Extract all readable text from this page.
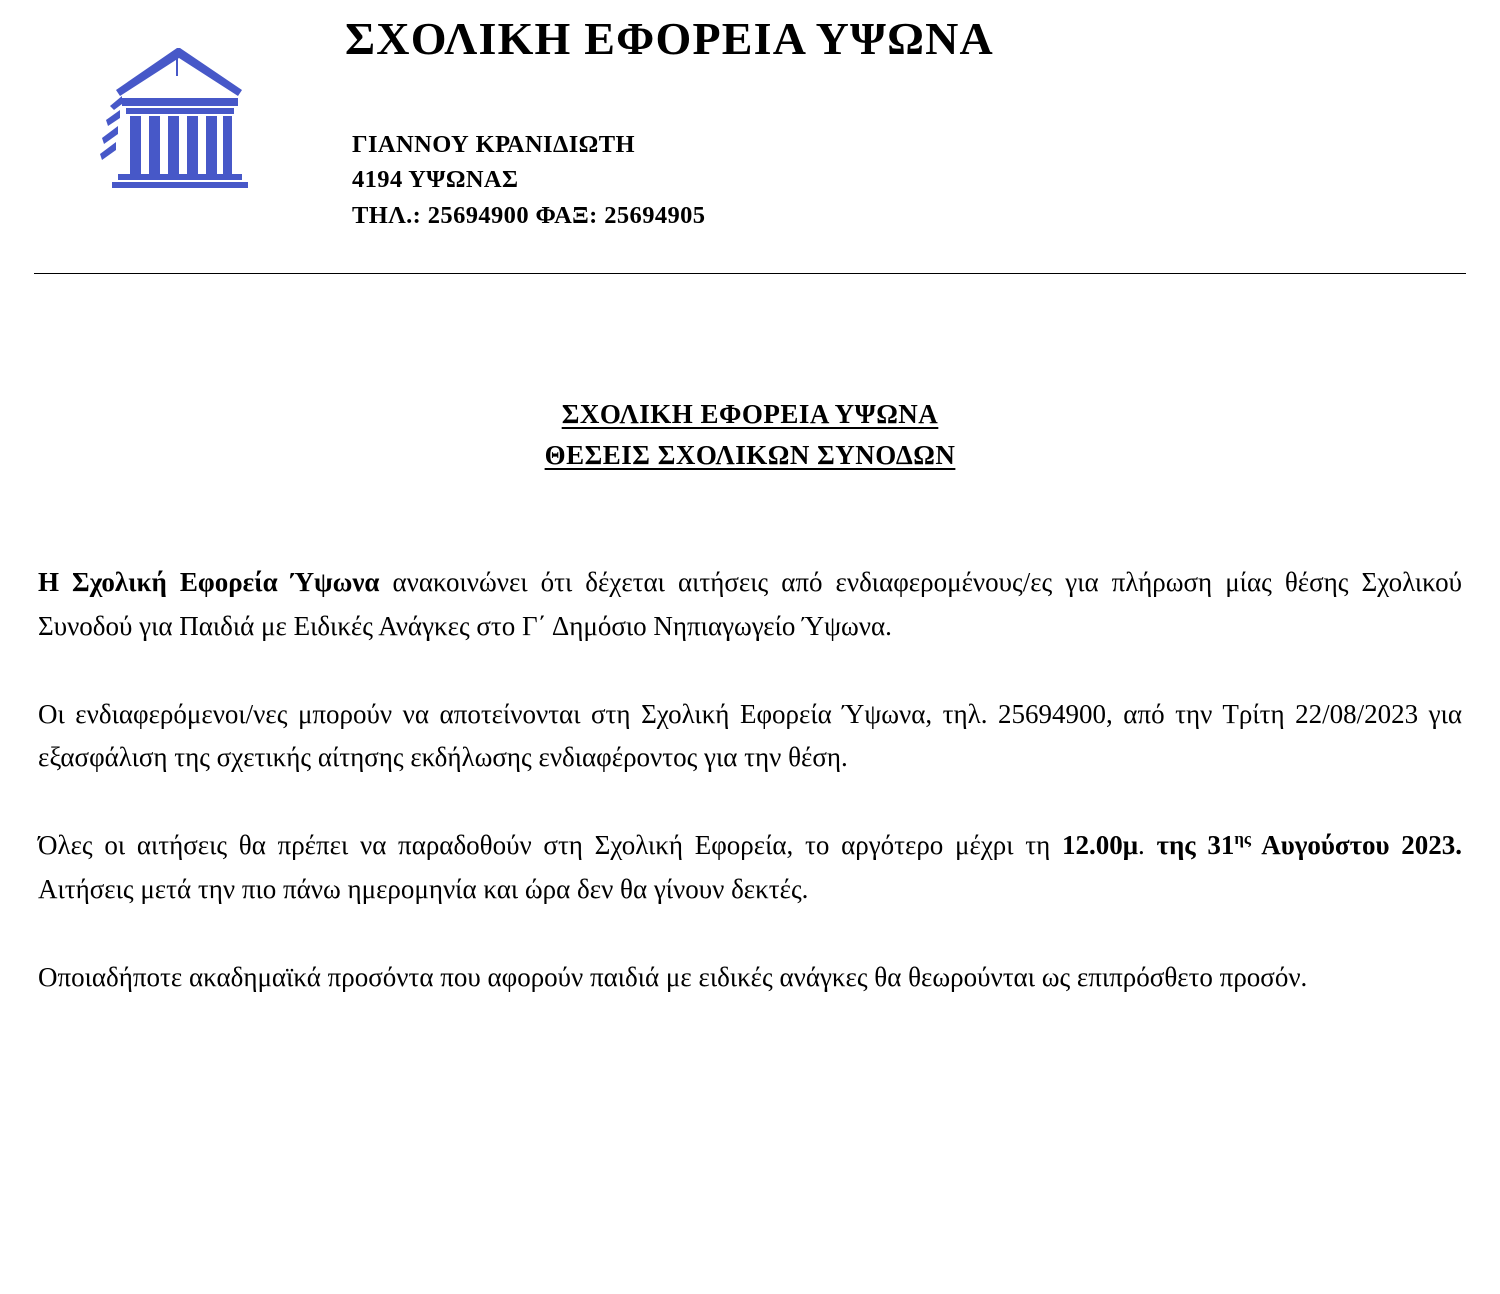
ΣΧΟΛΙΚΗ ΕΦΟΡΕΙΑ ΥΨΩΝΑ
ΓΙΑΝΝΟΥ ΚΡΑΝΙΔΙΩΤΗ
4194 ΥΨΩΝΑΣ
ΤΗΛ.: 25694900 ΦΑΞ: 25694905
ΣΧΟΛΙΚΗ ΕΦΟΡΕΙΑ ΥΨΩΝΑ
ΘΕΣΕΙΣ ΣΧΟΛΙΚΩΝ ΣΥΝΟΔΩΝ

Η Σχολική Εφορεία Ύψωνα ανακοινώνει ότι δέχεται αιτήσεις από ενδιαφερομένους/ες για πλήρωση μίας θέσης Σχολικού Συνοδού για Παιδιά με Ειδικές Ανάγκες στο Γ΄ Δημόσιο Νηπιαγωγείο Ύψωνα.

Οι ενδιαφερόμενοι/νες μπορούν να αποτείνονται στη Σχολική Εφορεία Ύψωνα, τηλ. 25694900, από την Τρίτη 22/08/2023 για εξασφάλιση της σχετικής αίτησης εκδήλωσης ενδιαφέροντος για την θέση.

Όλες οι αιτήσεις θα πρέπει να παραδοθούν στη Σχολική Εφορεία, το αργότερο μέχρι τη 12.00μ. της $31^{\eta\varsigma}$ Αυγούστου 2023. Αιτήσεις μετά την πιο πάνω ημερομηνία και ώρα δεν θα γίνουν δεκτές.

Οποιαδήποτε ακαδημαϊκά προσόντα που αφορούν παιδιά με ειδικές ανάγκες θα θεωρούνται ως επιπρόσθετο προσόν.
